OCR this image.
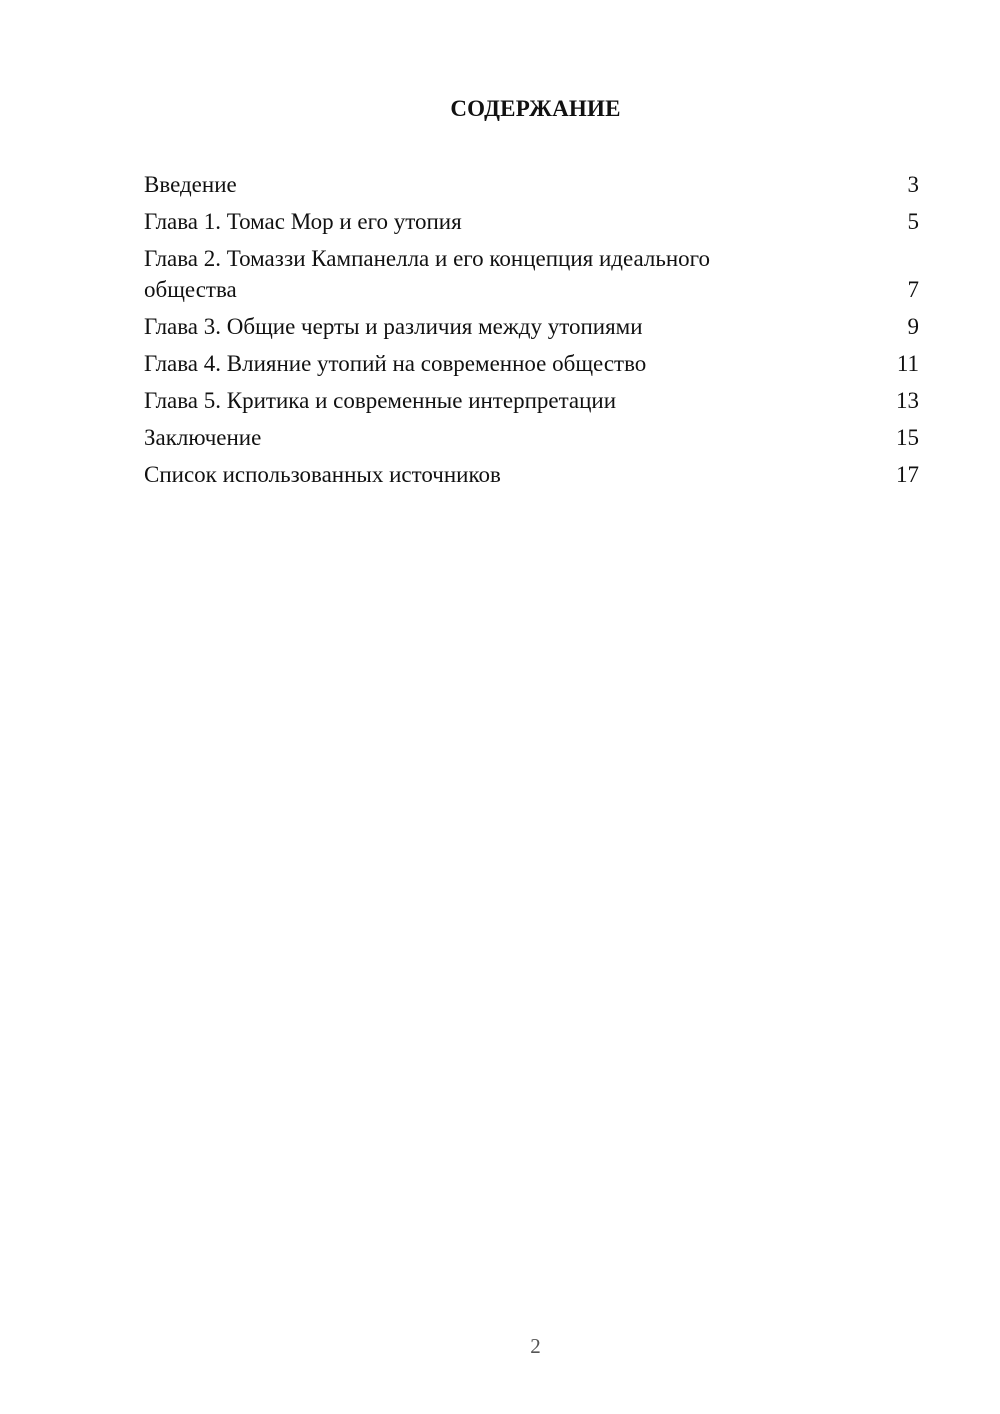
СОДЕРЖАНИЕ
Введение	3
Глава 1. Томас Мор и его утопия	5
Глава 2. Томаззи Кампанелла и его концепция идеального
общества	7
Глава 3. Общие черты и различия между утопиями	9
Глава 4. Влияние утопий на современное общество	11
Глава 5. Критика и современные интерпретации	13
Заключение	15
Список использованных источников	17
2
